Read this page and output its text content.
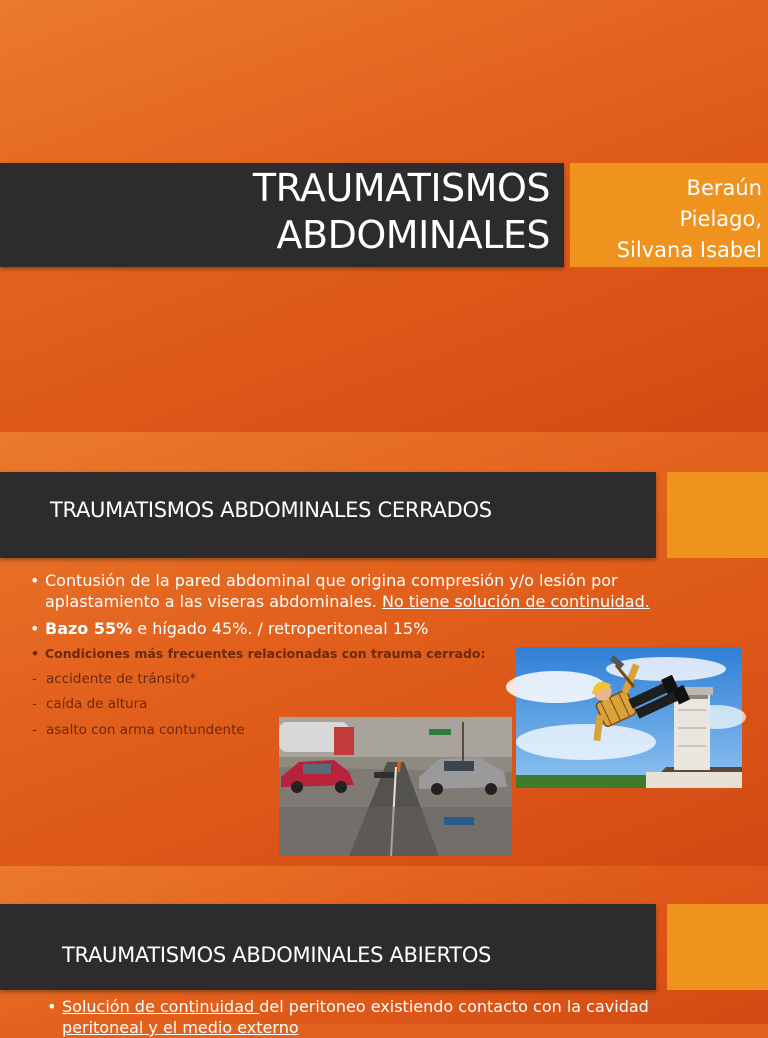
TRAUMATISMOS
ABDOMINALES
Beraún
Pielago,
Silvana Isabel
TRAUMATISMOS ABDOMINALES CERRADOS
• Contusión de la pared abdominal que origina compresión y/o lesión por
aplastamiento a las viseras abdominales. No tiene solución de continuidad.
• Bazo 55% e hígado 45%. / retroperitoneal 15%
• Condiciones más frecuentes relacionadas con trauma cerrado:
- accidente de tránsito*
- caída de altura
- asalto con arma contundente
TRAUMATISMOS ABDOMINALES ABIERTOS
• Solución de continuidad del peritoneo existiendo contacto con la cavidad
peritoneal y el medio externo
